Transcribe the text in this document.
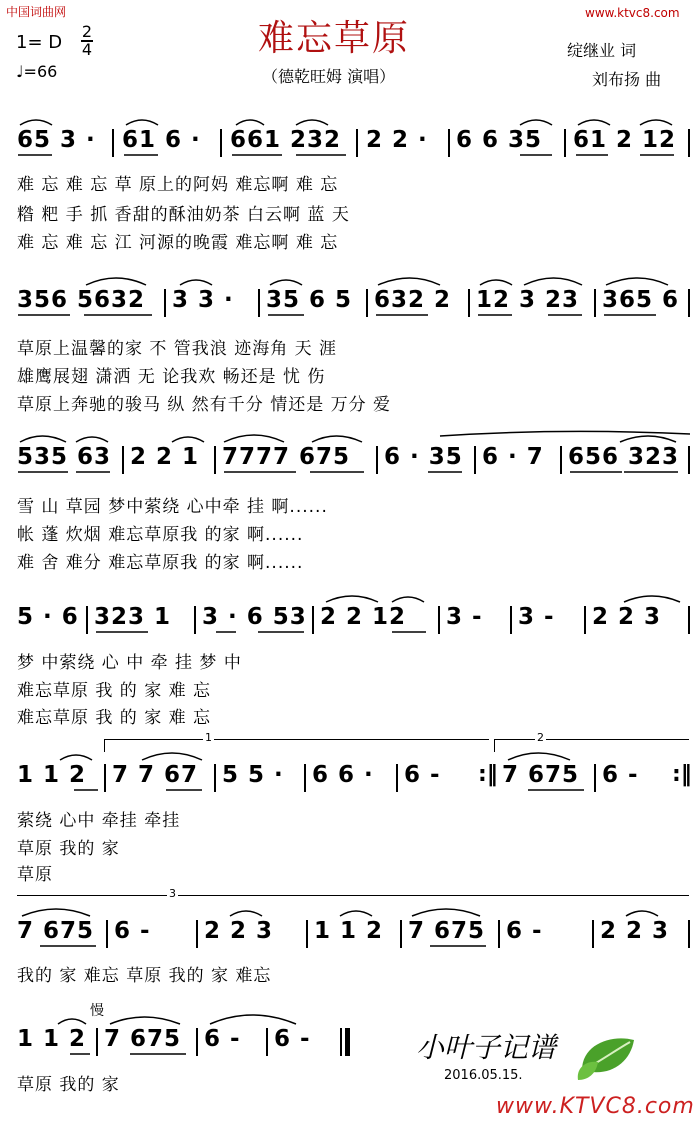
中国词曲网	www.ktvc8.com
难忘草原
（德乾旺姆 演唱）
1= D
2
4
♩=66
绽继业 词
刘布扬 曲
65 3 · 61 6 · 661 232 2 2 · 6 6 35 61 2 12
难 忘 难 忘 草 原上的阿妈 难忘啊 难 忘
糌 粑 手 抓 香甜的酥油奶茶 白云啊 蓝 天
难 忘 难 忘 江 河源的晚霞 难忘啊 难 忘
356 5632 3 3 · 35 6 5 632 2 12 3 23 365 6
草原上温馨的家 不 管我浪 迹海角 天 涯
雄鹰展翅 潇洒 无 论我欢 畅还是 忧 伤
草原上奔驰的骏马 纵 然有千分 情还是 万分 爱
535 63 2 2 1 7777 675 6 · 35 6 · 7 656 323
雪 山 草园 梦中萦绕 心中牵 挂 啊......
帐 蓬 炊烟 难忘草原我 的家 啊......
难 舍 难分 难忘草原我 的家 啊......
5 · 6 323 1 3 · 6 53 2 2 12 3 - 3 - 2 2 3
梦 中萦绕 心 中 牵 挂 梦 中
难忘草原 我 的 家 难 忘
难忘草原 我 的 家 难 忘
1	2
1 1 2 7 7 67 5 5 · 6 6 · 6 - :‖ 7 675 6 - :‖
萦绕 心中 牵挂 牵挂
草原 我的 家
草原
3
7 675 6 - 2 2 3 1 1 2 7 675 6 - 2 2 3
我的 家 难忘 草原 我的 家 难忘
慢
1 1 2 7 675 6 - 6 -
草原 我的 家
小叶子记谱
2016.05.15.
www.KTVC8.com
